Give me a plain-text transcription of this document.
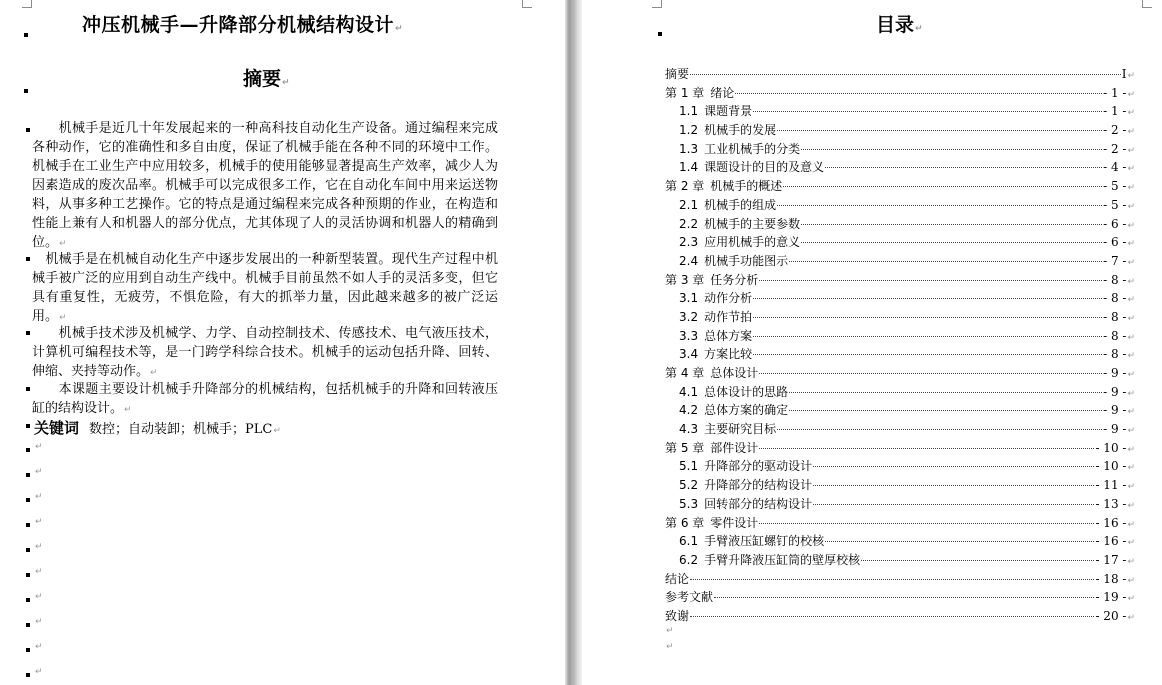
冲压机械手—升降部分机械结构设计↵
摘要↵

　　机械手是近几十年发展起来的一种高科技自动化生产设备。通过编程来完成各种动作，它的准确性和多自由度，保证了机械手能在各种不同的环境中工作。机械手在工业生产中应用较多，机械手的使用能够显著提高生产效率，减少人为因素造成的废次品率。机械手可以完成很多工作，它在自动化车间中用来运送物料，从事多种工艺操作。它的特点是通过编程来完成各种预期的作业，在构造和性能上兼有人和机器人的部分优点，尤其体现了人的灵活协调和机器人的精确到位。↵

　机械手是在机械自动化生产中逐步发展出的一种新型装置。现代生产过程中机械手被广泛的应用到自动生产线中。机械手目前虽然不如人手的灵活多变，但它具有重复性，无疲劳，不惧危险，有大的抓举力量，因此越来越多的被广泛运用。↵

　　机械手技术涉及机械学、力学、自动控制技术、传感技术、电气液压技术，计算机可编程技术等，是一门跨学科综合技术。机械手的运动包括升降、回转、伸缩、夹持等动作。↵

　　本课题主要设计机械手升降部分的机械结构，包括机械手的升降和回转液压缸的结构设计。↵

关键词 数控；自动装卸；机械手；PLC↵
↵
↵
↵
↵
↵
↵
↵
↵
↵
↵
目录↵
摘要	I ↵
第 1 章 绪论	- 1 - ↵
1.1 课题背景	- 1 - ↵
1.2 机械手的发展	- 2 - ↵
1.3 工业机械手的分类	- 2 - ↵
1.4 课题设计的目的及意义	- 4 - ↵
第 2 章 机械手的概述	- 5 - ↵
2.1 机械手的组成	- 5 - ↵
2.2 机械手的主要参数	- 6 - ↵
2.3 应用机械手的意义	- 6 - ↵
2.4 机械手功能图示	- 7 - ↵
第 3 章 任务分析	- 8 - ↵
3.1 动作分析	- 8 - ↵
3.2 动作节拍	- 8 - ↵
3.3 总体方案	- 8 - ↵
3.4 方案比较	- 8 - ↵
第 4 章 总体设计	- 9 - ↵
4.1 总体设计的思路	- 9 - ↵
4.2 总体方案的确定	- 9 - ↵
4.3 主要研究目标	- 9 - ↵
第 5 章 部件设计	- 10 - ↵
5.1 升降部分的驱动设计	- 10 - ↵
5.2 升降部分的结构设计	- 11 - ↵
5.3 回转部分的结构设计	- 13 - ↵
第 6 章 零件设计	- 16 - ↵
6.1 手臂液压缸螺钉的校核	- 16 - ↵
6.2 手臂升降液压缸筒的壁厚校核	- 17 - ↵
结论	- 18 - ↵
参考文献	- 19 - ↵
致谢	- 20 - ↵
↵
↵
